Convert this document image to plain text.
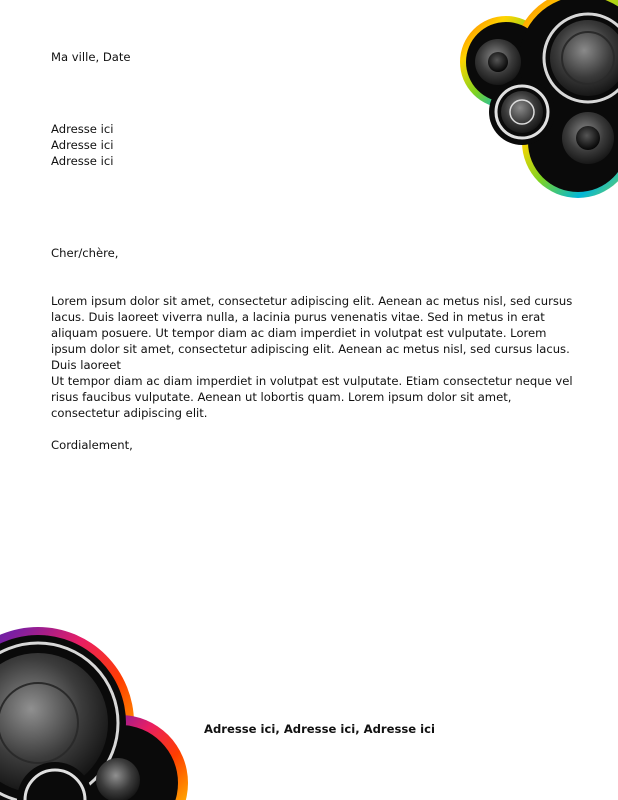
Ma ville, Date

Adresse ici
Adresse ici
Adresse ici

Cher/chère,

Lorem ipsum dolor sit amet, consectetur adipiscing elit. Aenean ac metus nisl, sed cursus lacus. Duis laoreet viverra nulla, a lacinia purus venenatis vitae. Sed in metus in erat aliquam posuere. Ut tempor diam ac diam imperdiet in volutpat est vulputate. Lorem ipsum dolor sit amet, consectetur adipiscing elit. Aenean ac metus nisl, sed cursus lacus. Duis laoreet

Ut tempor diam ac diam imperdiet in volutpat est vulputate. Etiam consectetur neque vel risus faucibus vulputate. Aenean ut lobortis quam. Lorem ipsum dolor sit amet, consectetur adipiscing elit.

Cordialement,

Adresse ici, Adresse ici, Adresse ici
